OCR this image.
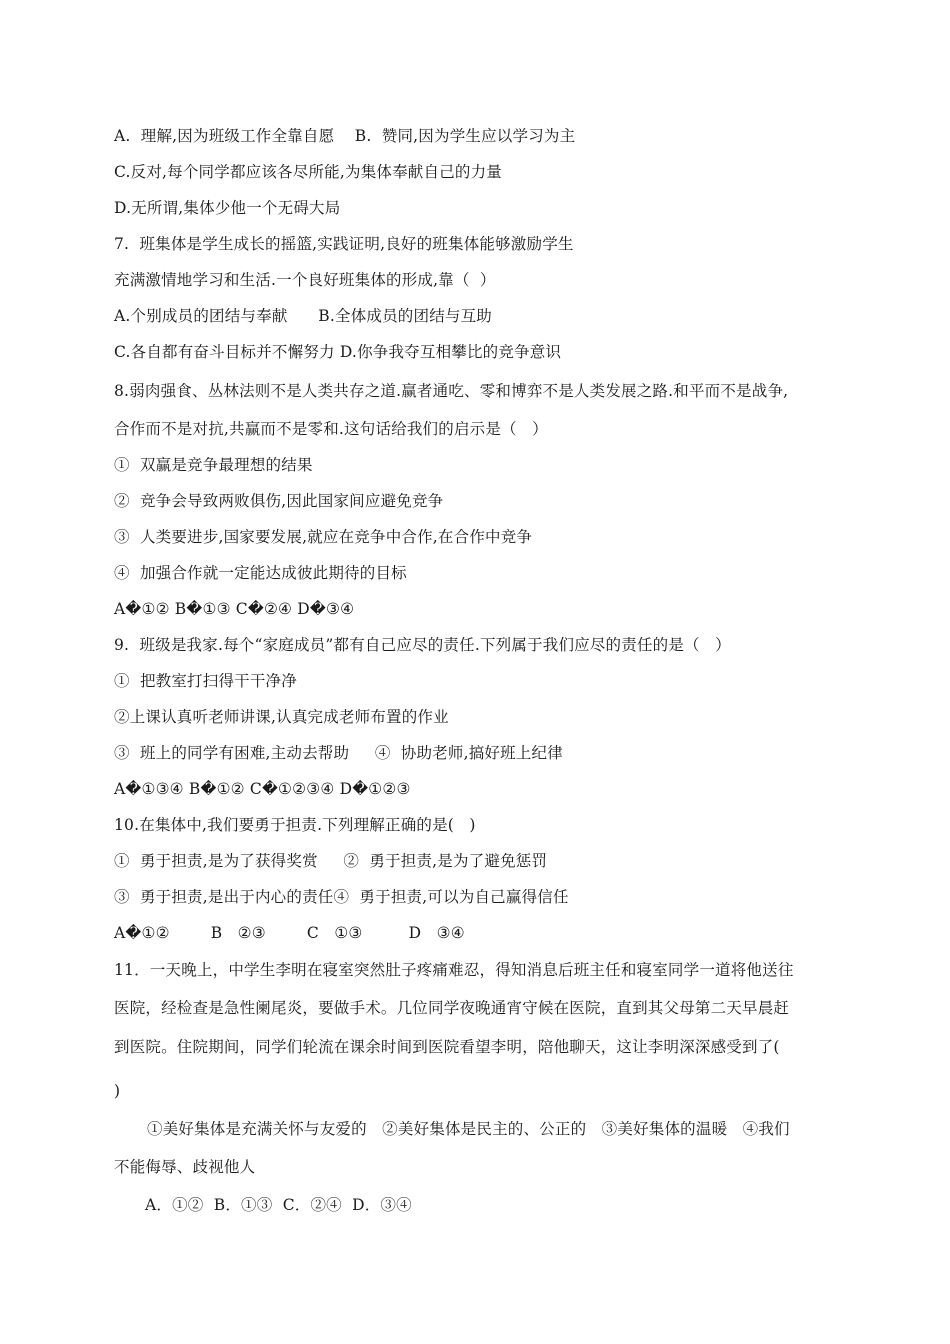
A.  理解,因为班级工作全靠自愿    B.  赞同,因为学生应以学习为主
C.反对,每个同学都应该各尽所能,为集体奉献自己的力量
D.无所谓,集体少他一个无碍大局
7.  班集体是学生成长的摇篮,实践证明,良好的班集体能够激励学生
充满激情地学习和生活.一个良好班集体的形成,靠（  ）
A.个别成员的团结与奉献      B.全体成员的团结与互助
C.各自都有奋斗目标并不懈努力 D.你争我夺互相攀比的竞争意识
8.弱肉强食、丛林法则不是人类共存之道.赢者通吃、零和博弈不是人类发展之路.和平而不是战争,
合作而不是对抗,共赢而不是零和.这句话给我们的启示是（   ）
①  双赢是竞争最理想的结果
②  竞争会导致两败俱伤,因此国家间应避免竞争
③  人类要进步,国家要发展,就应在竞争中合作,在合作中竞争
④  加强合作就一定能达成彼此期待的目标
A�①② B�①③ C�②④ D�③④
9.  班级是我家.每个“家庭成员”都有自己应尽的责任.下列属于我们应尽的责任的是（   ）
①  把教室打扫得干干净净
②上课认真听老师讲课,认真完成老师布置的作业
③  班上的同学有困难,主动去帮助     ④  协助老师,搞好班上纪律
A�①③④ B�①② C�①②③④ D�①②③
10.在集体中,我们要勇于担责.下列理解正确的是(   )
①  勇于担责,是为了获得奖赏     ②  勇于担责,是为了避免惩罚
③  勇于担责,是出于内心的责任④  勇于担责,可以为自己赢得信任
A�①②        B   ②③        C   ①③         D   ③④
11．一天晚上，中学生李明在寝室突然肚子疼痛难忍，得知消息后班主任和寝室同学一道将他送往
医院，经检查是急性阑尾炎，要做手术。几位同学夜晚通宵守候在医院，直到其父母第二天早晨赶
到医院。住院期间，同学们轮流在课余时间到医院看望李明，陪他聊天，这让李明深深感受到了(
)
①美好集体是充满关怀与友爱的   ②美好集体是民主的、公正的   ③美好集体的温暖   ④我们
不能侮辱、歧视他人
A．①②  B．①③  C．②④  D．③④
